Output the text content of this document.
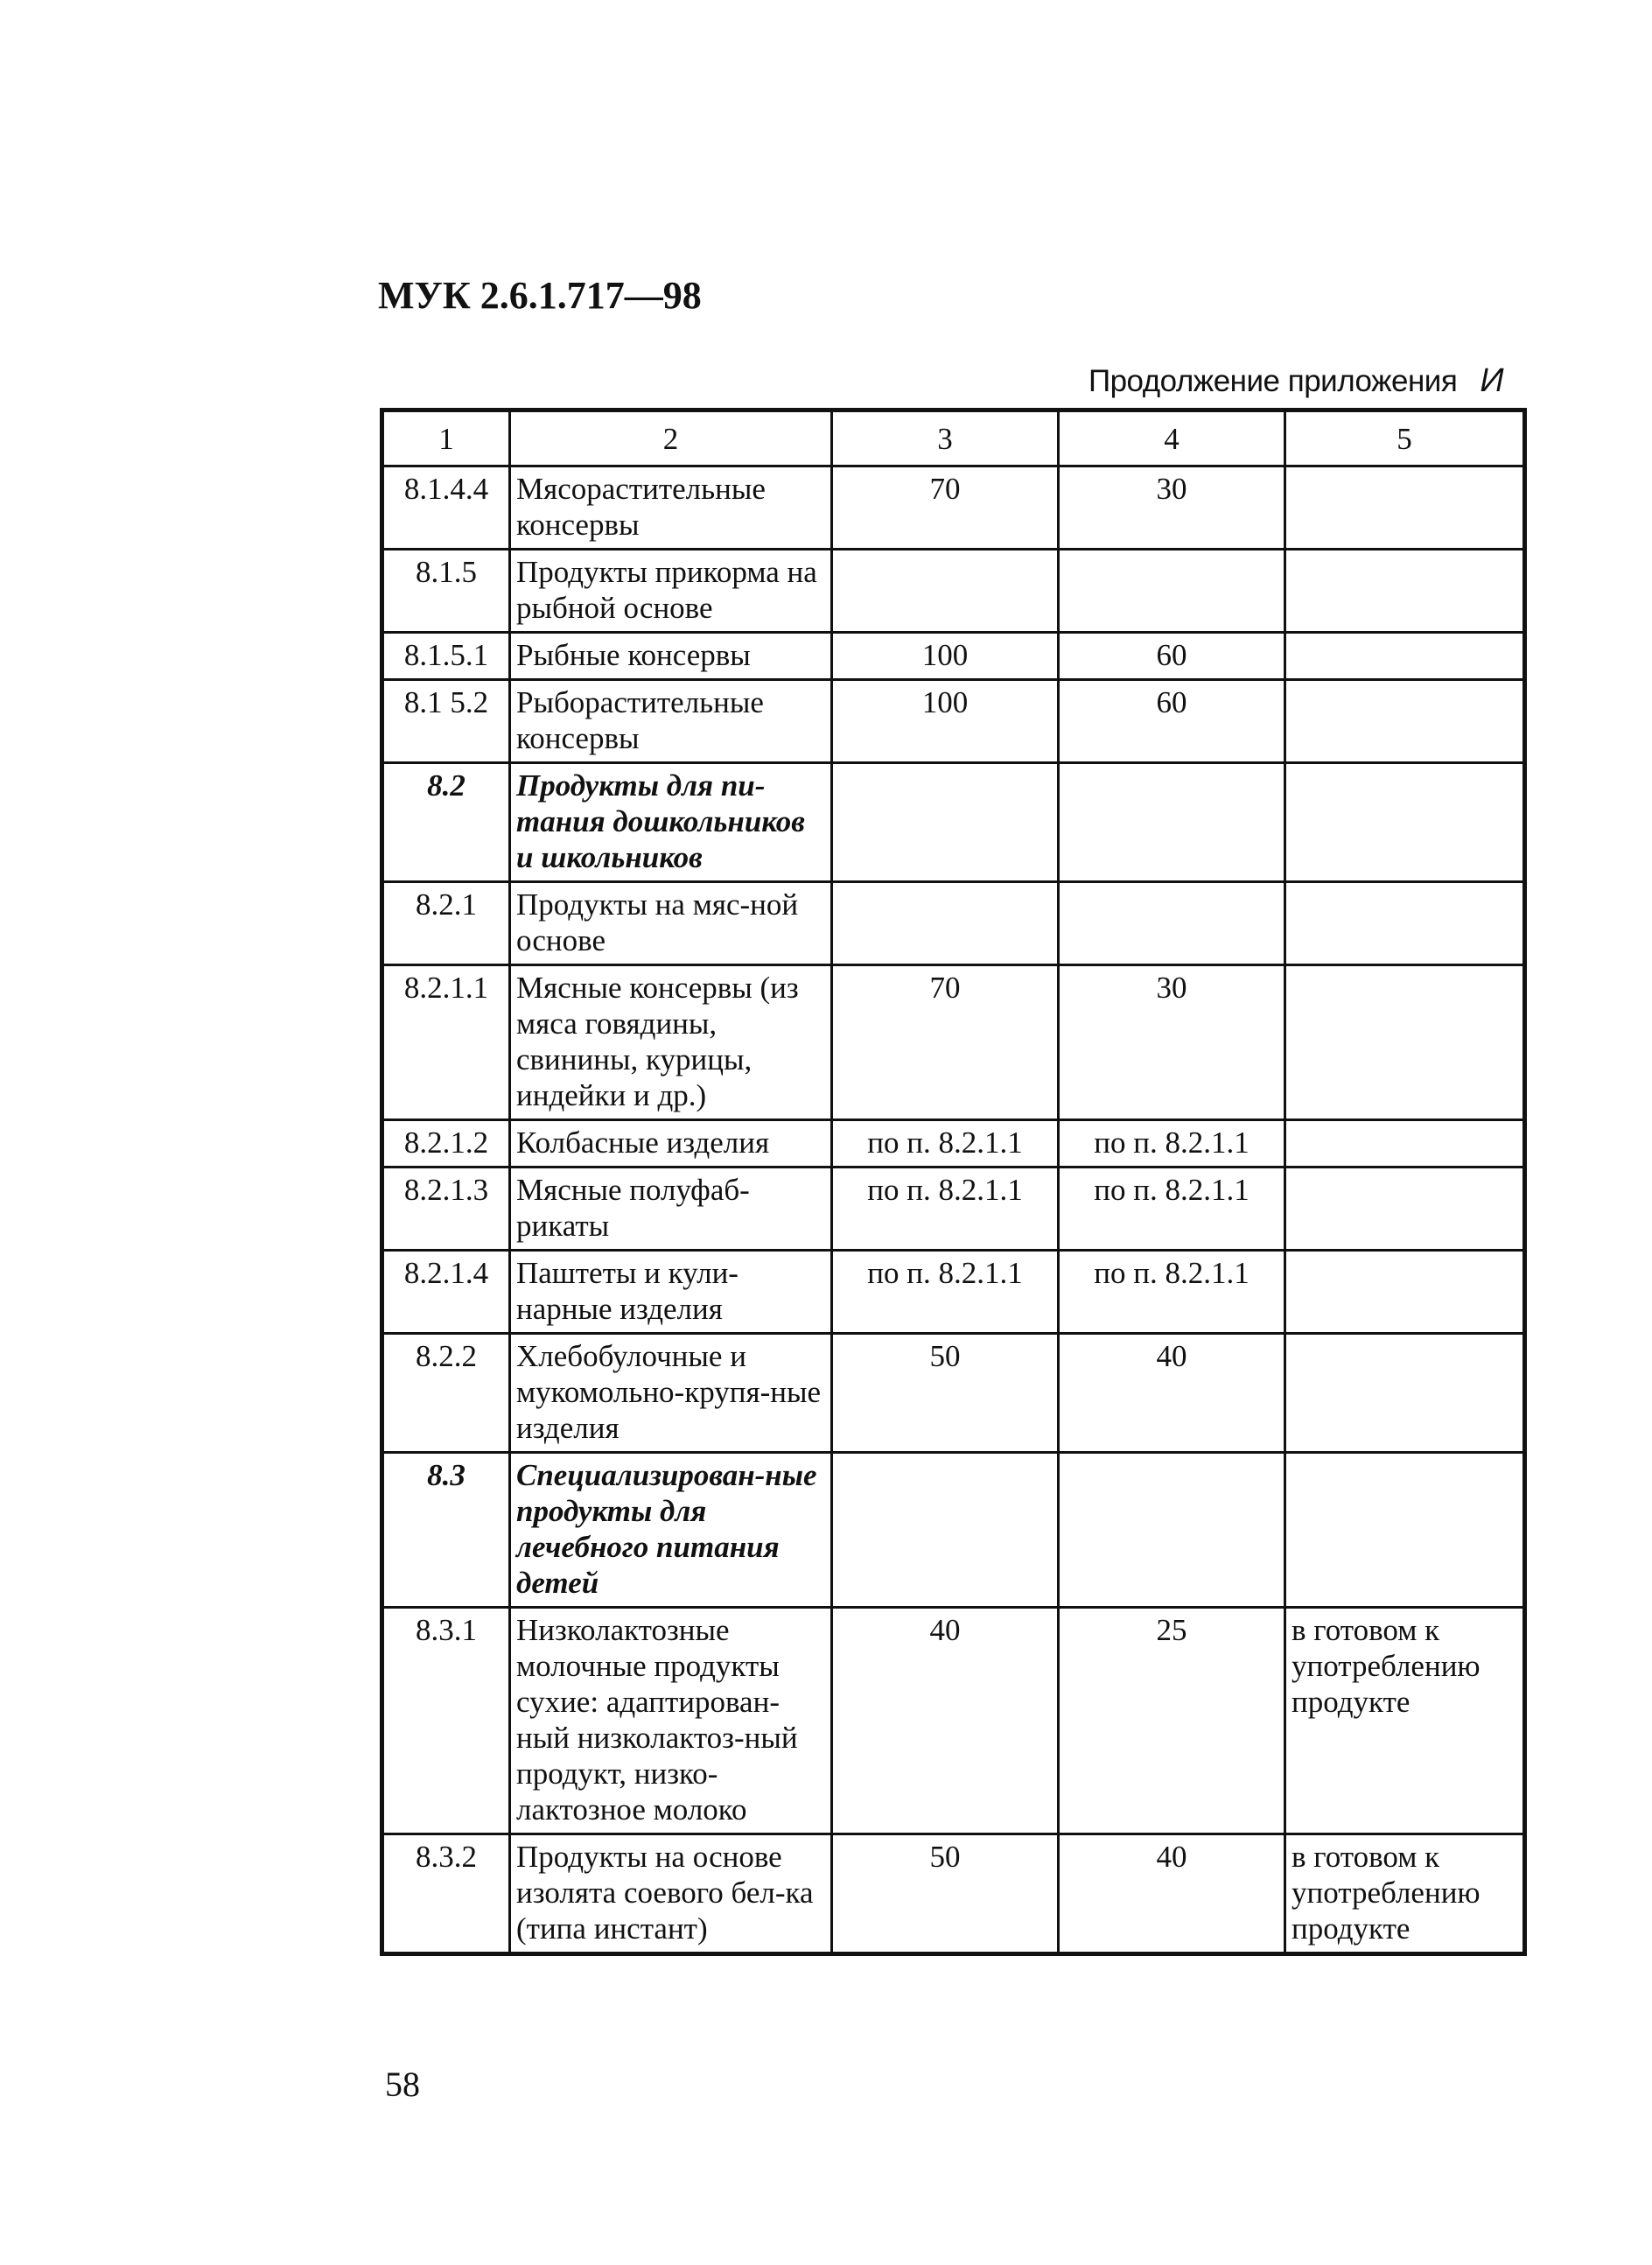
МУК 2.6.1.717—98
Продолжение приложения И
1	2	3	4	5
8.1.4.4	Мясорастительные консервы	70	30	
8.1.5	Продукты прикорма на рыбной основе			
8.1.5.1	Рыбные консервы	100	60	
8.1 5.2	Рыборастительные консервы	100	60	
8.2	Продукты для пи-тания дошкольников и школьников			
8.2.1	Продукты на мяс-ной основе			
8.2.1.1	Мясные консервы (из мяса говядины, свинины, курицы, индейки и др.)	70	30	
8.2.1.2	Колбасные изделия	по п. 8.2.1.1	по п. 8.2.1.1	
8.2.1.3	Мясные полуфаб-рикаты	по п. 8.2.1.1	по п. 8.2.1.1	
8.2.1.4	Паштеты и кули-нарные изделия	по п. 8.2.1.1	по п. 8.2.1.1	
8.2.2	Хлебобулочные и мукомольно-крупя-ные изделия	50	40	
8.3	Специализирован-ные продукты для лечебного питания детей			
8.3.1	Низколактозные молочные продукты сухие: адаптирован-ный низколактоз-ный продукт, низко-лактозное молоко	40	25	в готовом к употреблению продукте
8.3.2	Продукты на основе изолята соевого бел-ка (типа инстант)	50	40	в готовом к употреблению продукте
58
